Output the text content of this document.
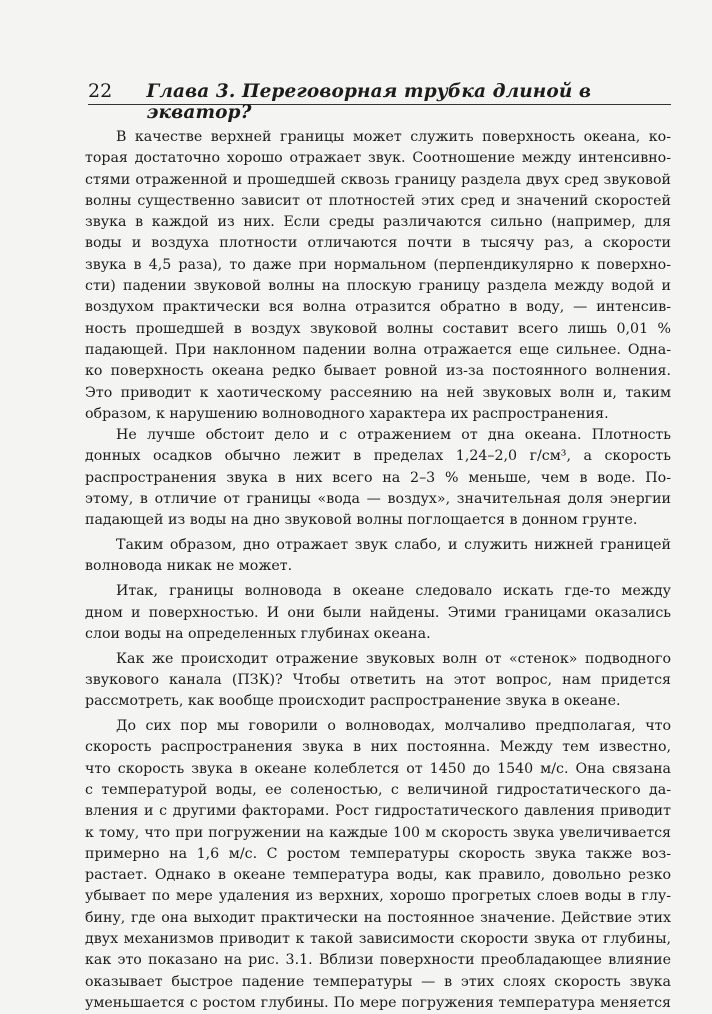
22	Глава 3. Переговорная трубка длиной в экватор?
В качестве верхней границы может служить поверхность океана, ко-
торая достаточно хорошо отражает звук. Соотношение между интенсивно-
стями отраженной и прошедшей сквозь границу раздела двух сред звуковой
волны существенно зависит от плотностей этих сред и значений скоростей
звука в каждой из них. Если среды различаются сильно (например, для
воды и воздуха плотности отличаются почти в тысячу раз, а скорости
звука в 4,5 раза), то даже при нормальном (перпендикулярно к поверхно-
сти) падении звуковой волны на плоскую границу раздела между водой и
воздухом практически вся волна отразится обратно в воду, — интенсив-
ность прошедшей в воздух звуковой волны составит всего лишь 0,01 %
падающей. При наклонном падении волна отражается еще сильнее. Одна-
ко поверхность океана редко бывает ровной из-за постоянного волнения.
Это приводит к хаотическому рассеянию на ней звуковых волн и, таким
образом, к нарушению волноводного характера их распространения.
Не лучше обстоит дело и с отражением от дна океана. Плотность
донных осадков обычно лежит в пределах 1,24–2,0 г/см³, а скорость
распространения звука в них всего на 2–3 % меньше, чем в воде. По-
этому, в отличие от границы «вода — воздух», значительная доля энергии
падающей из воды на дно звуковой волны поглощается в донном грунте.
Таким образом, дно отражает звук слабо, и служить нижней границей
волновода никак не может.
Итак, границы волновода в океане следовало искать где-то между
дном и поверхностью. И они были найдены. Этими границами оказались
слои воды на определенных глубинах океана.
Как же происходит отражение звуковых волн от «стенок» подводного
звукового канала (ПЗК)? Чтобы ответить на этот вопрос, нам придется
рассмотреть, как вообще происходит распространение звука в океане.
До сих пор мы говорили о волноводах, молчаливо предполагая, что
скорость распространения звука в них постоянна. Между тем известно,
что скорость звука в океане колеблется от 1450 до 1540 м/с. Она связана
с температурой воды, ее соленостью, с величиной гидростатического да-
вления и с другими факторами. Рост гидростатического давления приводит
к тому, что при погружении на каждые 100 м скорость звука увеличивается
примерно на 1,6 м/с. С ростом температуры скорость звука также воз-
растает. Однако в океане температура воды, как правило, довольно резко
убывает по мере удаления из верхних, хорошо прогретых слоев воды в глу-
бину, где она выходит практически на постоянное значение. Действие этих
двух механизмов приводит к такой зависимости скорости звука от глубины,
как это показано на рис. 3.1. Вблизи поверхности преобладающее влияние
оказывает быстрое падение температуры — в этих слоях скорость звука
уменьшается с ростом глубины. По мере погружения температура меняется
